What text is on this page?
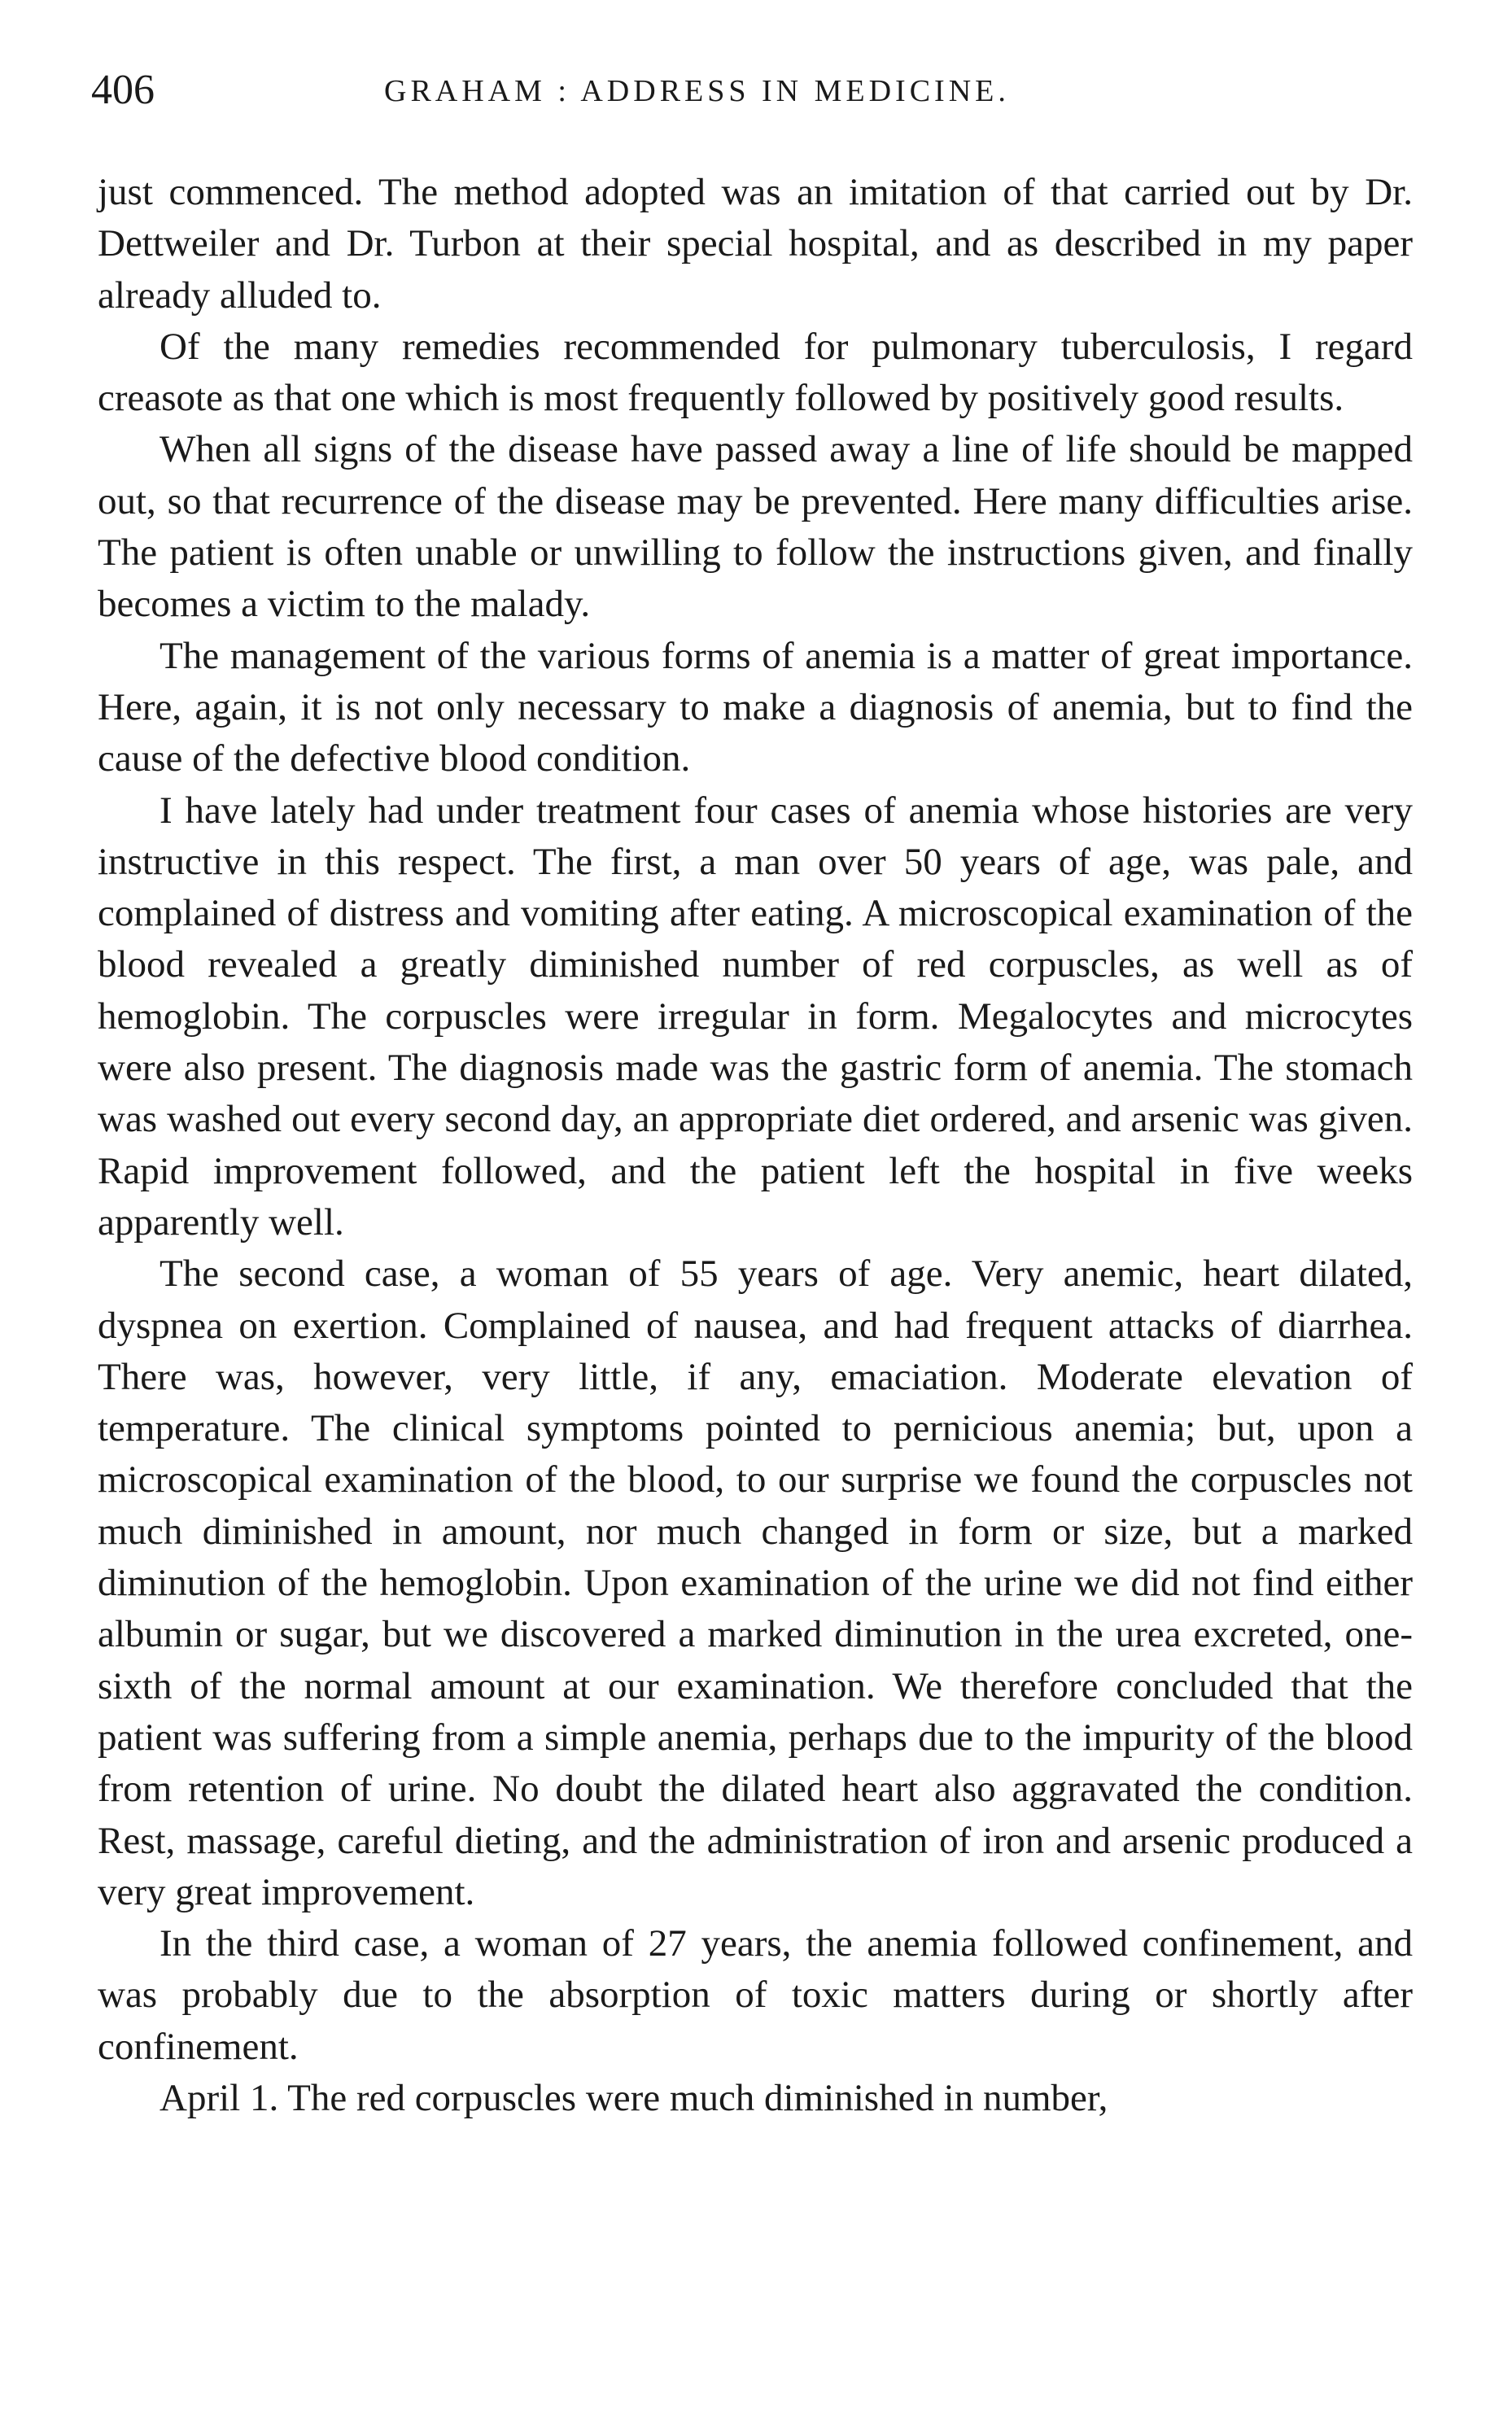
406	GRAHAM : ADDRESS IN MEDICINE.

just commenced. The method adopted was an imitation of that carried out by Dr. Dettweiler and Dr. Turbon at their special hospital, and as described in my paper already alluded to.

Of the many remedies recommended for pulmonary tuberculosis, I regard creasote as that one which is most frequently followed by positively good results.

When all signs of the disease have passed away a line of life should be mapped out, so that recurrence of the disease may be prevented. Here many difficulties arise. The patient is often unable or unwilling to follow the instructions given, and finally becomes a victim to the malady.

The management of the various forms of anemia is a matter of great importance. Here, again, it is not only necessary to make a diagnosis of anemia, but to find the cause of the defective blood condition.

I have lately had under treatment four cases of anemia whose histories are very instructive in this respect. The first, a man over 50 years of age, was pale, and complained of distress and vomiting after eating. A microscopical examination of the blood revealed a greatly diminished number of red corpuscles, as well as of hemoglobin. The corpuscles were irregular in form. Megalocytes and microcytes were also present. The diagnosis made was the gastric form of anemia. The stomach was washed out every second day, an appropriate diet ordered, and arsenic was given. Rapid improvement followed, and the patient left the hospital in five weeks apparently well.

The second case, a woman of 55 years of age. Very anemic, heart dilated, dyspnea on exertion. Complained of nausea, and had frequent attacks of diarrhea. There was, however, very little, if any, emaciation. Moderate elevation of temperature. The clinical symptoms pointed to pernicious anemia; but, upon a microscopical examination of the blood, to our surprise we found the corpuscles not much diminished in amount, nor much changed in form or size, but a marked diminution of the hemoglobin. Upon examination of the urine we did not find either albumin or sugar, but we discovered a marked diminution in the urea excreted, one-sixth of the normal amount at our examination. We therefore concluded that the patient was suffering from a simple anemia, perhaps due to the impurity of the blood from retention of urine. No doubt the dilated heart also aggravated the condition. Rest, massage, careful dieting, and the administration of iron and arsenic produced a very great improvement.

In the third case, a woman of 27 years, the anemia followed confinement, and was probably due to the absorption of toxic matters during or shortly after confinement.

April 1. The red corpuscles were much diminished in number,
